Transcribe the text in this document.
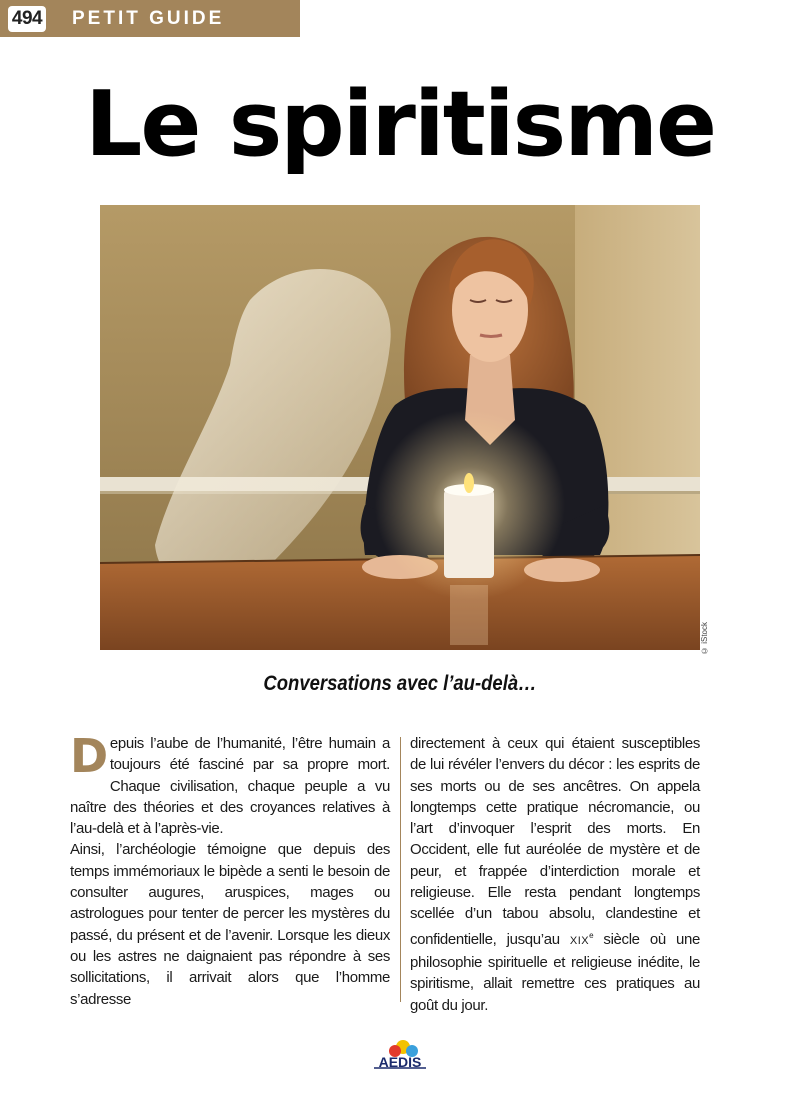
494 PETIT GUIDE
Le spiritisme
© iStock
Conversations avec l’au-delà…

Depuis l’aube de l’humanité, l’être humain a toujours été fasciné par sa propre mort. Chaque civilisation, chaque peuple a vu naître des théories et des croyances relatives à l’au-delà et à l’après-vie.

Ainsi, l’archéologie témoigne que depuis des temps immémoriaux le bipède a senti le besoin de consulter augures, aruspices, mages ou astrologues pour tenter de percer les mystères du passé, du présent et de l’avenir. Lorsque les dieux ou les astres ne daignaient pas répondre à ses sollicitations, il arrivait alors que l’homme s’adresse

directement à ceux qui étaient susceptibles de lui révéler l’envers du décor : les esprits de ses morts ou de ses ancêtres. On appela longtemps cette pratique nécromancie, ou l’art d’invoquer l’esprit des morts. En Occident, elle fut auréolée de mystère et de peur, et frappée d’interdiction morale et religieuse. Elle resta pendant longtemps scellée d’un tabou absolu, clandestine et confidentielle, jusqu’au XIXe siècle où une philosophie spirituelle et religieuse inédite, le spiritisme, allait remettre ces pratiques au goût du jour.

AEDIS
